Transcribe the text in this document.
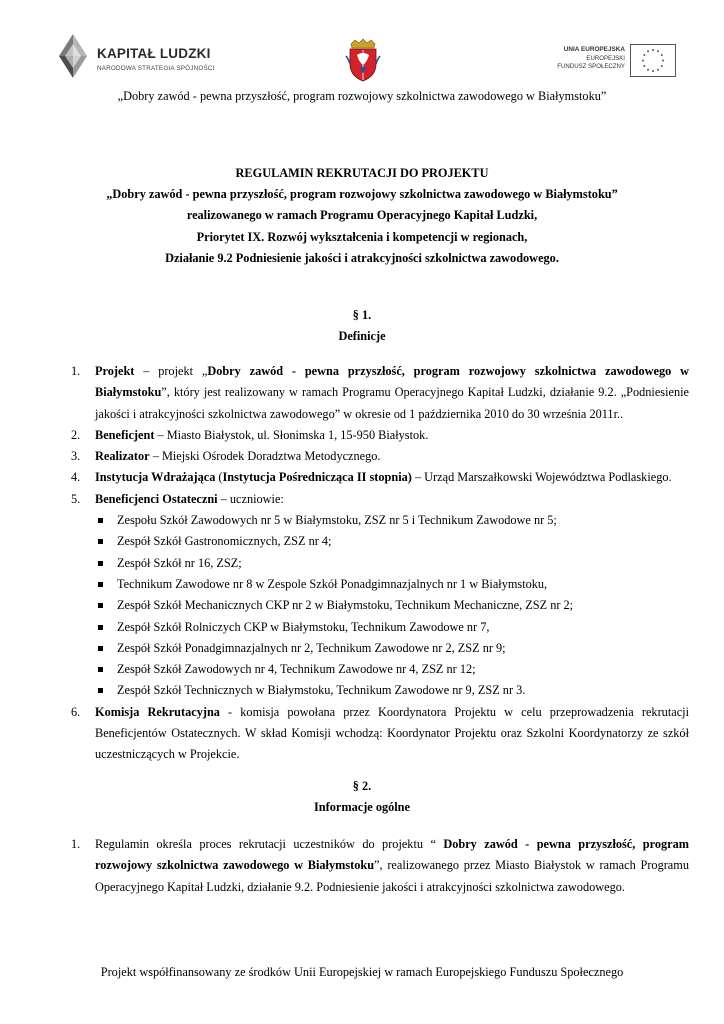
KAPITAŁ LUDZKI
NARODOWA STRATEGIA SPÓJNOŚCI
UNIA EUROPEJSKA
EUROPEJSKI
FUNDUSZ SPOŁECZNY
„Dobry zawód - pewna przyszłość, program rozwojowy szkolnictwa zawodowego w Białymstoku”
REGULAMIN REKRUTACJI DO PROJEKTU
„Dobry zawód - pewna przyszłość, program rozwojowy szkolnictwa zawodowego w Białymstoku”
realizowanego w ramach Programu Operacyjnego Kapitał Ludzki,
Priorytet IX. Rozwój wykształcenia i kompetencji w regionach,
Działanie 9.2 Podniesienie jakości i atrakcyjności szkolnictwa zawodowego.
§ 1.
Definicje
1. Projekt – projekt „Dobry zawód - pewna przyszłość, program rozwojowy szkolnictwa zawodowego w Białymstoku”, który jest realizowany w ramach Programu Operacyjnego Kapitał Ludzki, działanie 9.2. „Podniesienie jakości i atrakcyjności szkolnictwa zawodowego” w okresie od 1 października 2010 do 30 września 2011r..
2. Beneficjent – Miasto Białystok, ul. Słonimska 1, 15-950 Białystok.
3. Realizator – Miejski Ośrodek Doradztwa Metodycznego.
4. Instytucja Wdrażająca (Instytucja Pośrednicząca II stopnia) – Urząd Marszałkowski Województwa Podlaskiego.
5. Beneficjenci Ostateczni – uczniowie:
Zespołu Szkół Zawodowych nr 5 w Białymstoku, ZSZ nr 5 i Technikum Zawodowe nr 5;
Zespół Szkół Gastronomicznych, ZSZ nr 4;
Zespół Szkół nr 16, ZSZ;
Technikum Zawodowe nr 8 w Zespole Szkół Ponadgimnazjalnych nr 1 w Białymstoku,
Zespół Szkół Mechanicznych CKP nr 2 w Białymstoku, Technikum Mechaniczne, ZSZ nr 2;
Zespół Szkół Rolniczych CKP w Białymstoku, Technikum Zawodowe nr 7,
Zespół Szkół Ponadgimnazjalnych nr 2, Technikum Zawodowe nr 2, ZSZ nr 9;
Zespół Szkół Zawodowych nr 4, Technikum Zawodowe nr 4, ZSZ nr 12;
Zespół Szkół Technicznych w Białymstoku, Technikum Zawodowe nr 9, ZSZ nr 3.
6. Komisja Rekrutacyjna - komisja powołana przez Koordynatora Projektu w celu przeprowadzenia rekrutacji Beneficjentów Ostatecznych. W skład Komisji wchodzą: Koordynator Projektu oraz Szkolni Koordynatorzy ze szkół uczestniczących w Projekcie.
§ 2.
Informacje ogólne
1. Regulamin określa proces rekrutacji uczestników do projektu “ Dobry zawód - pewna przyszłość, program rozwojowy szkolnictwa zawodowego w Białymstoku”, realizowanego przez Miasto Białystok w ramach Programu Operacyjnego Kapitał Ludzki, działanie 9.2. Podniesienie jakości i atrakcyjności szkolnictwa zawodowego.
Projekt współfinansowany ze środków Unii Europejskiej w ramach Europejskiego Funduszu Społecznego
